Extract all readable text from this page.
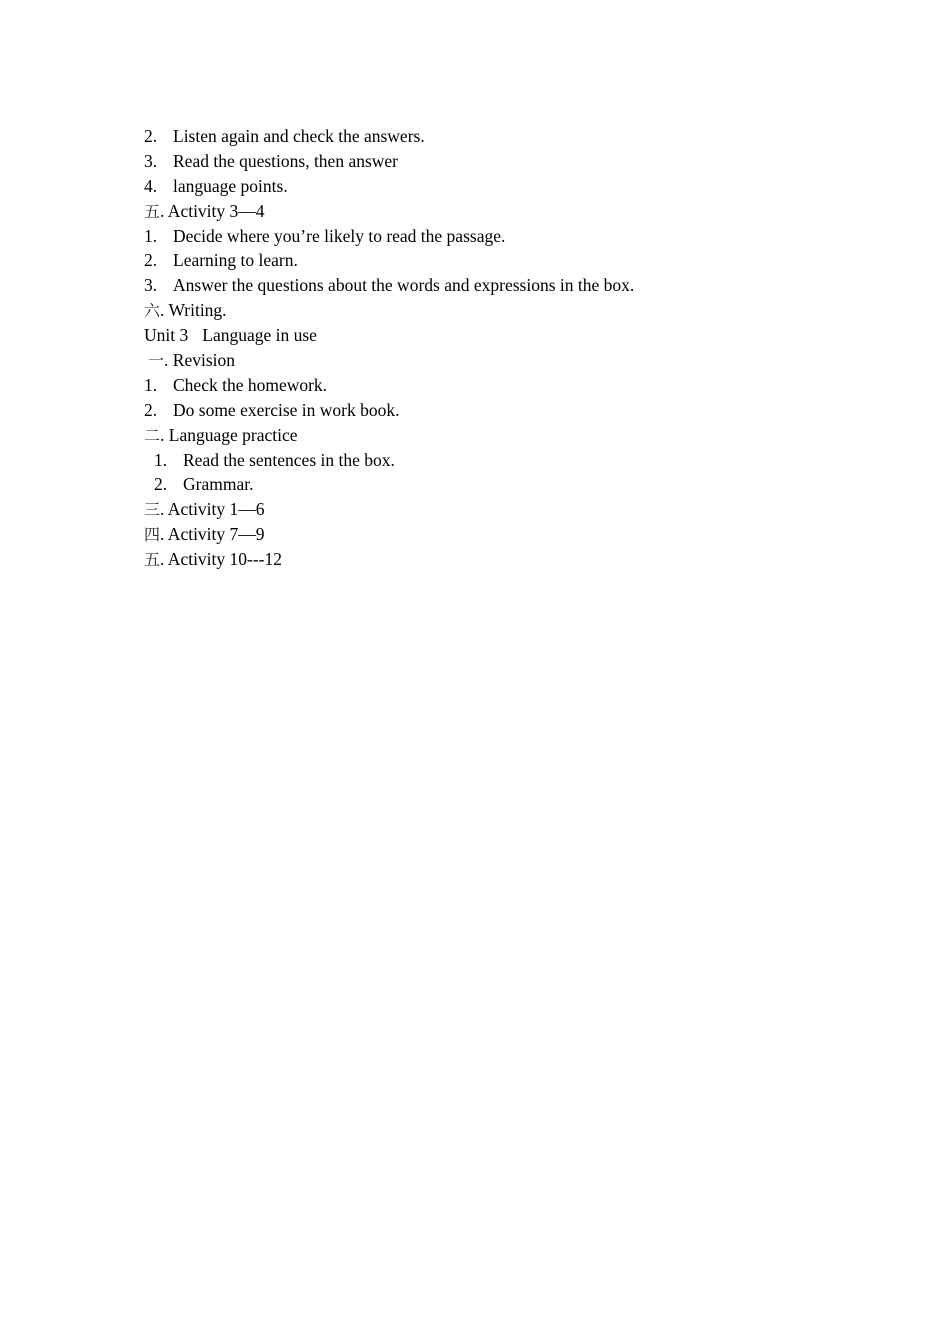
2. Listen again and check the answers.
3. Read the questions, then answer
4. language points.
五. Activity 3—4
1. Decide where you’re likely to read the passage.
2. Learning to learn.
3. Answer the questions about the words and expressions in the box.
六. Writing.
Unit 3 Language in use
一. Revision
1. Check the homework.
2. Do some exercise in work book.
二. Language practice
1. Read the sentences in the box.
2. Grammar.
三. Activity 1—6
四. Activity 7—9
五. Activity 10---12
